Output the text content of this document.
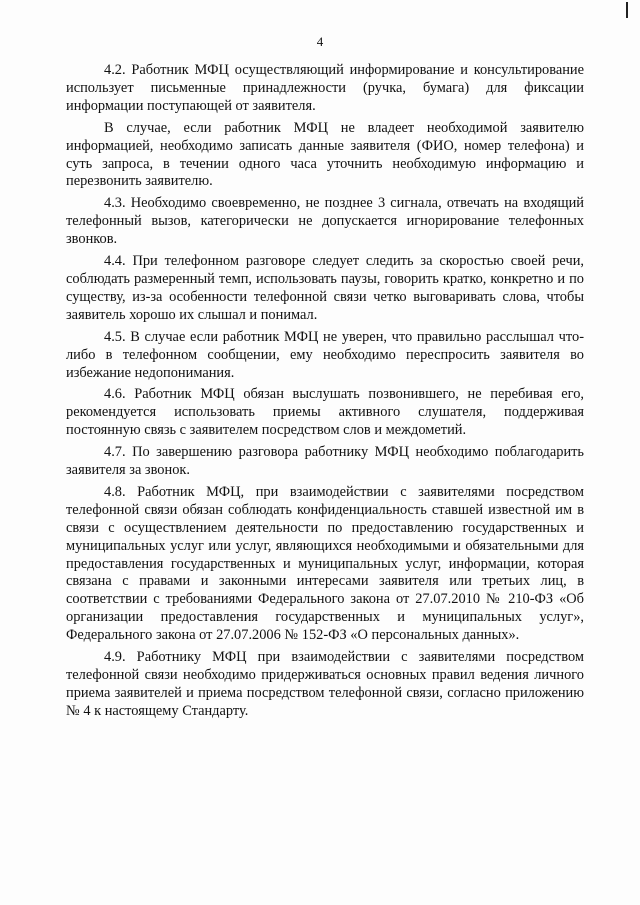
4

4.2. Работник МФЦ осуществляющий информирование и консультирование использует письменные принадлежности (ручка, бумага) для фиксации информации поступающей от заявителя.

В случае, если работник МФЦ не владеет необходимой заявителю информацией, необходимо записать данные заявителя (ФИО, номер телефона) и суть запроса, в течении одного часа уточнить необходимую информацию и перезвонить заявителю.

4.3. Необходимо своевременно, не позднее 3 сигнала, отвечать на входящий телефонный вызов, категорически не допускается игнорирование телефонных звонков.

4.4. При телефонном разговоре следует следить за скоростью своей речи, соблюдать размеренный темп, использовать паузы, говорить кратко, конкретно и по существу, из-за особенности телефонной связи четко выговаривать слова, чтобы заявитель хорошо их слышал и понимал.

4.5. В случае если работник МФЦ не уверен, что правильно расслышал что-либо в телефонном сообщении, ему необходимо переспросить заявителя во избежание недопонимания.

4.6. Работник МФЦ обязан выслушать позвонившего, не перебивая его, рекомендуется использовать приемы активного слушателя, поддерживая постоянную связь с заявителем посредством слов и междометий.

4.7. По завершению разговора работнику МФЦ необходимо поблагодарить заявителя за звонок.

4.8. Работник МФЦ, при взаимодействии с заявителями посредством телефонной связи обязан соблюдать конфиденциальность ставшей известной им в связи с осуществлением деятельности по предоставлению государственных и муниципальных услуг или услуг, являющихся необходимыми и обязательными для предоставления государственных и муниципальных услуг, информации, которая связана с правами и законными интересами заявителя или третьих лиц, в соответствии с требованиями Федерального закона от 27.07.2010 № 210-ФЗ «Об организации предоставления государственных и муниципальных услуг», Федерального закона от 27.07.2006 № 152-ФЗ «О персональных данных».

4.9. Работнику МФЦ при взаимодействии с заявителями посредством телефонной связи необходимо придерживаться основных правил ведения личного приема заявителей и приема посредством телефонной связи, согласно приложению № 4 к настоящему Стандарту.
